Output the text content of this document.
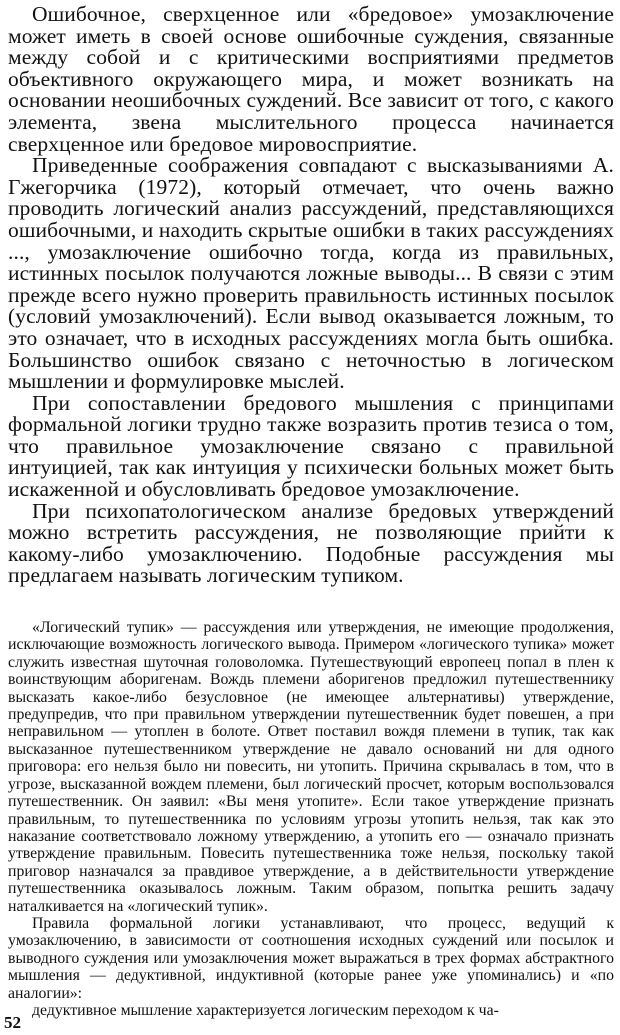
Ошибочное, сверхценное или «бредовое» умозаключение может иметь в своей основе ошибочные суждения, связанные между собой и с критическими восприятиями предметов объективного окружающего мира, и может возникать на основании неошибочных суждений. Все зависит от того, с какого элемента, звена мыслительного процесса начинается сверхценное или бредовое мировосприятие.

Приведенные соображения совпадают с высказываниями А. Гжегорчика (1972), который отмечает, что очень важно проводить логический анализ рассуждений, представляющихся ошибочными, и находить скрытые ошибки в таких рассуждениях ..., умозаключение ошибочно тогда, когда из правильных, истинных посылок получаются ложные выводы... В связи с этим прежде всего нужно проверить правильность истинных посылок (условий умозаключений). Если вывод оказывается ложным, то это означает, что в исходных рассуждениях могла быть ошибка. Большинство ошибок связано с неточностью в логическом мышлении и формулировке мыслей.

При сопоставлении бредового мышления с принципами формальной логики трудно также возразить против тезиса о том, что правильное умозаключение связано с правильной интуицией, так как интуиция у психически больных может быть искаженной и обусловливать бредовое умозаключение.

При психопатологическом анализе бредовых утверждений можно встретить рассуждения, не позволяющие прийти к какому-либо умозаключению. Подобные рассуждения мы предлагаем называть логическим тупиком.

«Логический тупик» — рассуждения или утверждения, не имеющие продолжения, исключающие возможность логического вывода. Примером «логического тупика» может служить известная шуточная головоломка. Путешествующий европеец попал в плен к воинствующим аборигенам. Вождь племени аборигенов предложил путешественнику высказать какое-либо безусловное (не имеющее альтернативы) утверждение, предупредив, что при правильном утверждении путешественник будет повешен, а при неправильном — утоплен в болоте. Ответ поставил вождя племени в тупик, так как высказанное путешественником утверждение не давало оснований ни для одного приговора: его нельзя было ни повесить, ни утопить. Причина скрывалась в том, что в угрозе, высказанной вождем племени, был логический просчет, которым воспользовался путешественник. Он заявил: «Вы меня утопите». Если такое утверждение признать правильным, то путешественника по условиям угрозы утопить нельзя, так как это наказание соответствовало ложному утверждению, а утопить его — означало признать утверждение правильным. Повесить путешественника тоже нельзя, поскольку такой приговор назначался за правдивое утверждение, а в действительности утверждение путешественника оказывалось ложным. Таким образом, попытка решить задачу наталкивается на «логический тупик».

Правила формальной логики устанавливают, что процесс, ведущий к умозаключению, в зависимости от соотношения исходных суждений или посылок и выводного суждения или умозаключения может выражаться в трех формах абстрактного мышления — дедуктивной, индуктивной (которые ранее уже упоминались) и «по аналогии»:

дедуктивное мышление характеризуется логическим переходом к ча-

52
